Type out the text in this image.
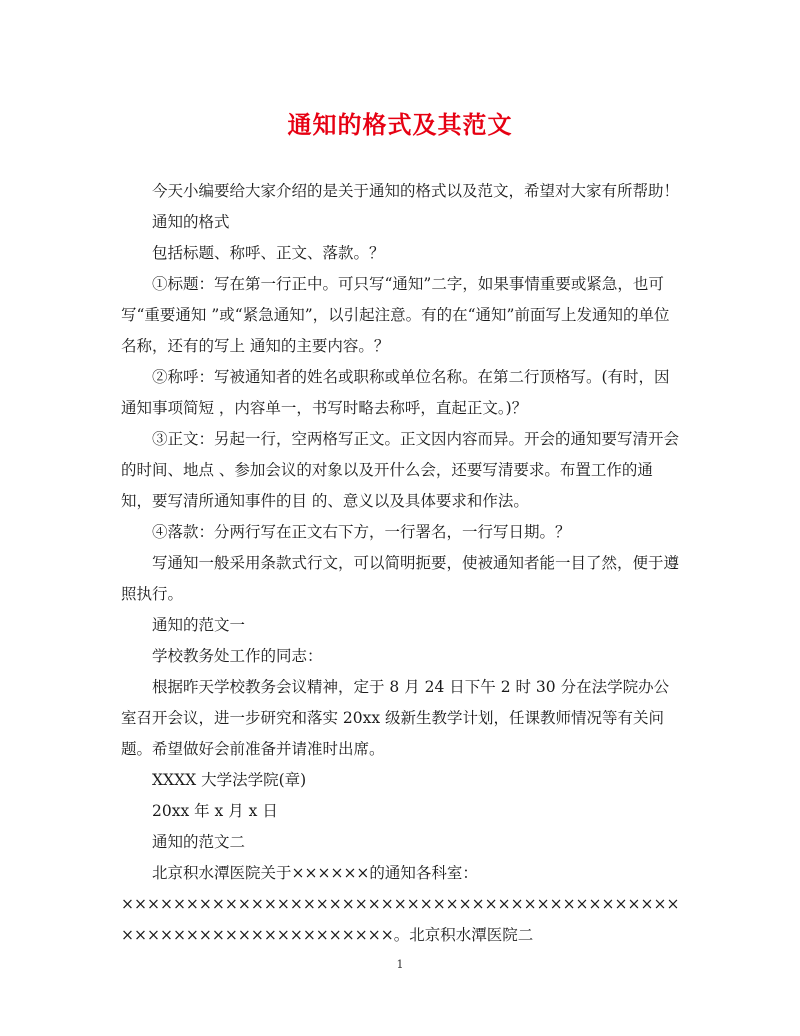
通知的格式及其范文

今天小编要给大家介绍的是关于通知的格式以及范文，希望对大家有所帮助！

通知的格式

包括标题、称呼、正文、落款。？

①标题：写在第一行正中。可只写“通知”二字，如果事情重要或紧急，也可写“重要通知 ”或“紧急通知”，以引起注意。有的在“通知”前面写上发通知的单位名称，还有的写上 通知的主要内容。？

②称呼：写被通知者的姓名或职称或单位名称。在第二行顶格写。(有时，因通知事项简短 ，内容单一，书写时略去称呼，直起正文。)？

③正文：另起一行，空两格写正文。正文因内容而异。开会的通知要写清开会的时间、地点 、参加会议的对象以及开什么会，还要写清要求。布置工作的通知，要写清所通知事件的目 的、意义以及具体要求和作法。

④落款：分两行写在正文右下方，一行署名，一行写日期。？

写通知一般采用条款式行文，可以简明扼要，使被通知者能一目了然，便于遵照执行。

通知的范文一

学校教务处工作的同志：

根据昨天学校教务会议精神，定于 8 月 24 日下午 2 时 30 分在法学院办公室召开会议，进一步研究和落实 20xx 级新生教学计划，任课教师情况等有关问题。希望做好会前准备并请准时出席。

XXXX 大学法学院(章)

20xx 年 x 月 x 日

通知的范文二

北京积水潭医院关于××××××的通知各科室：

××××××××××××××××××××××××××××××××××××××××××××××××××××××××××××××××。北京积水潭医院二

1
